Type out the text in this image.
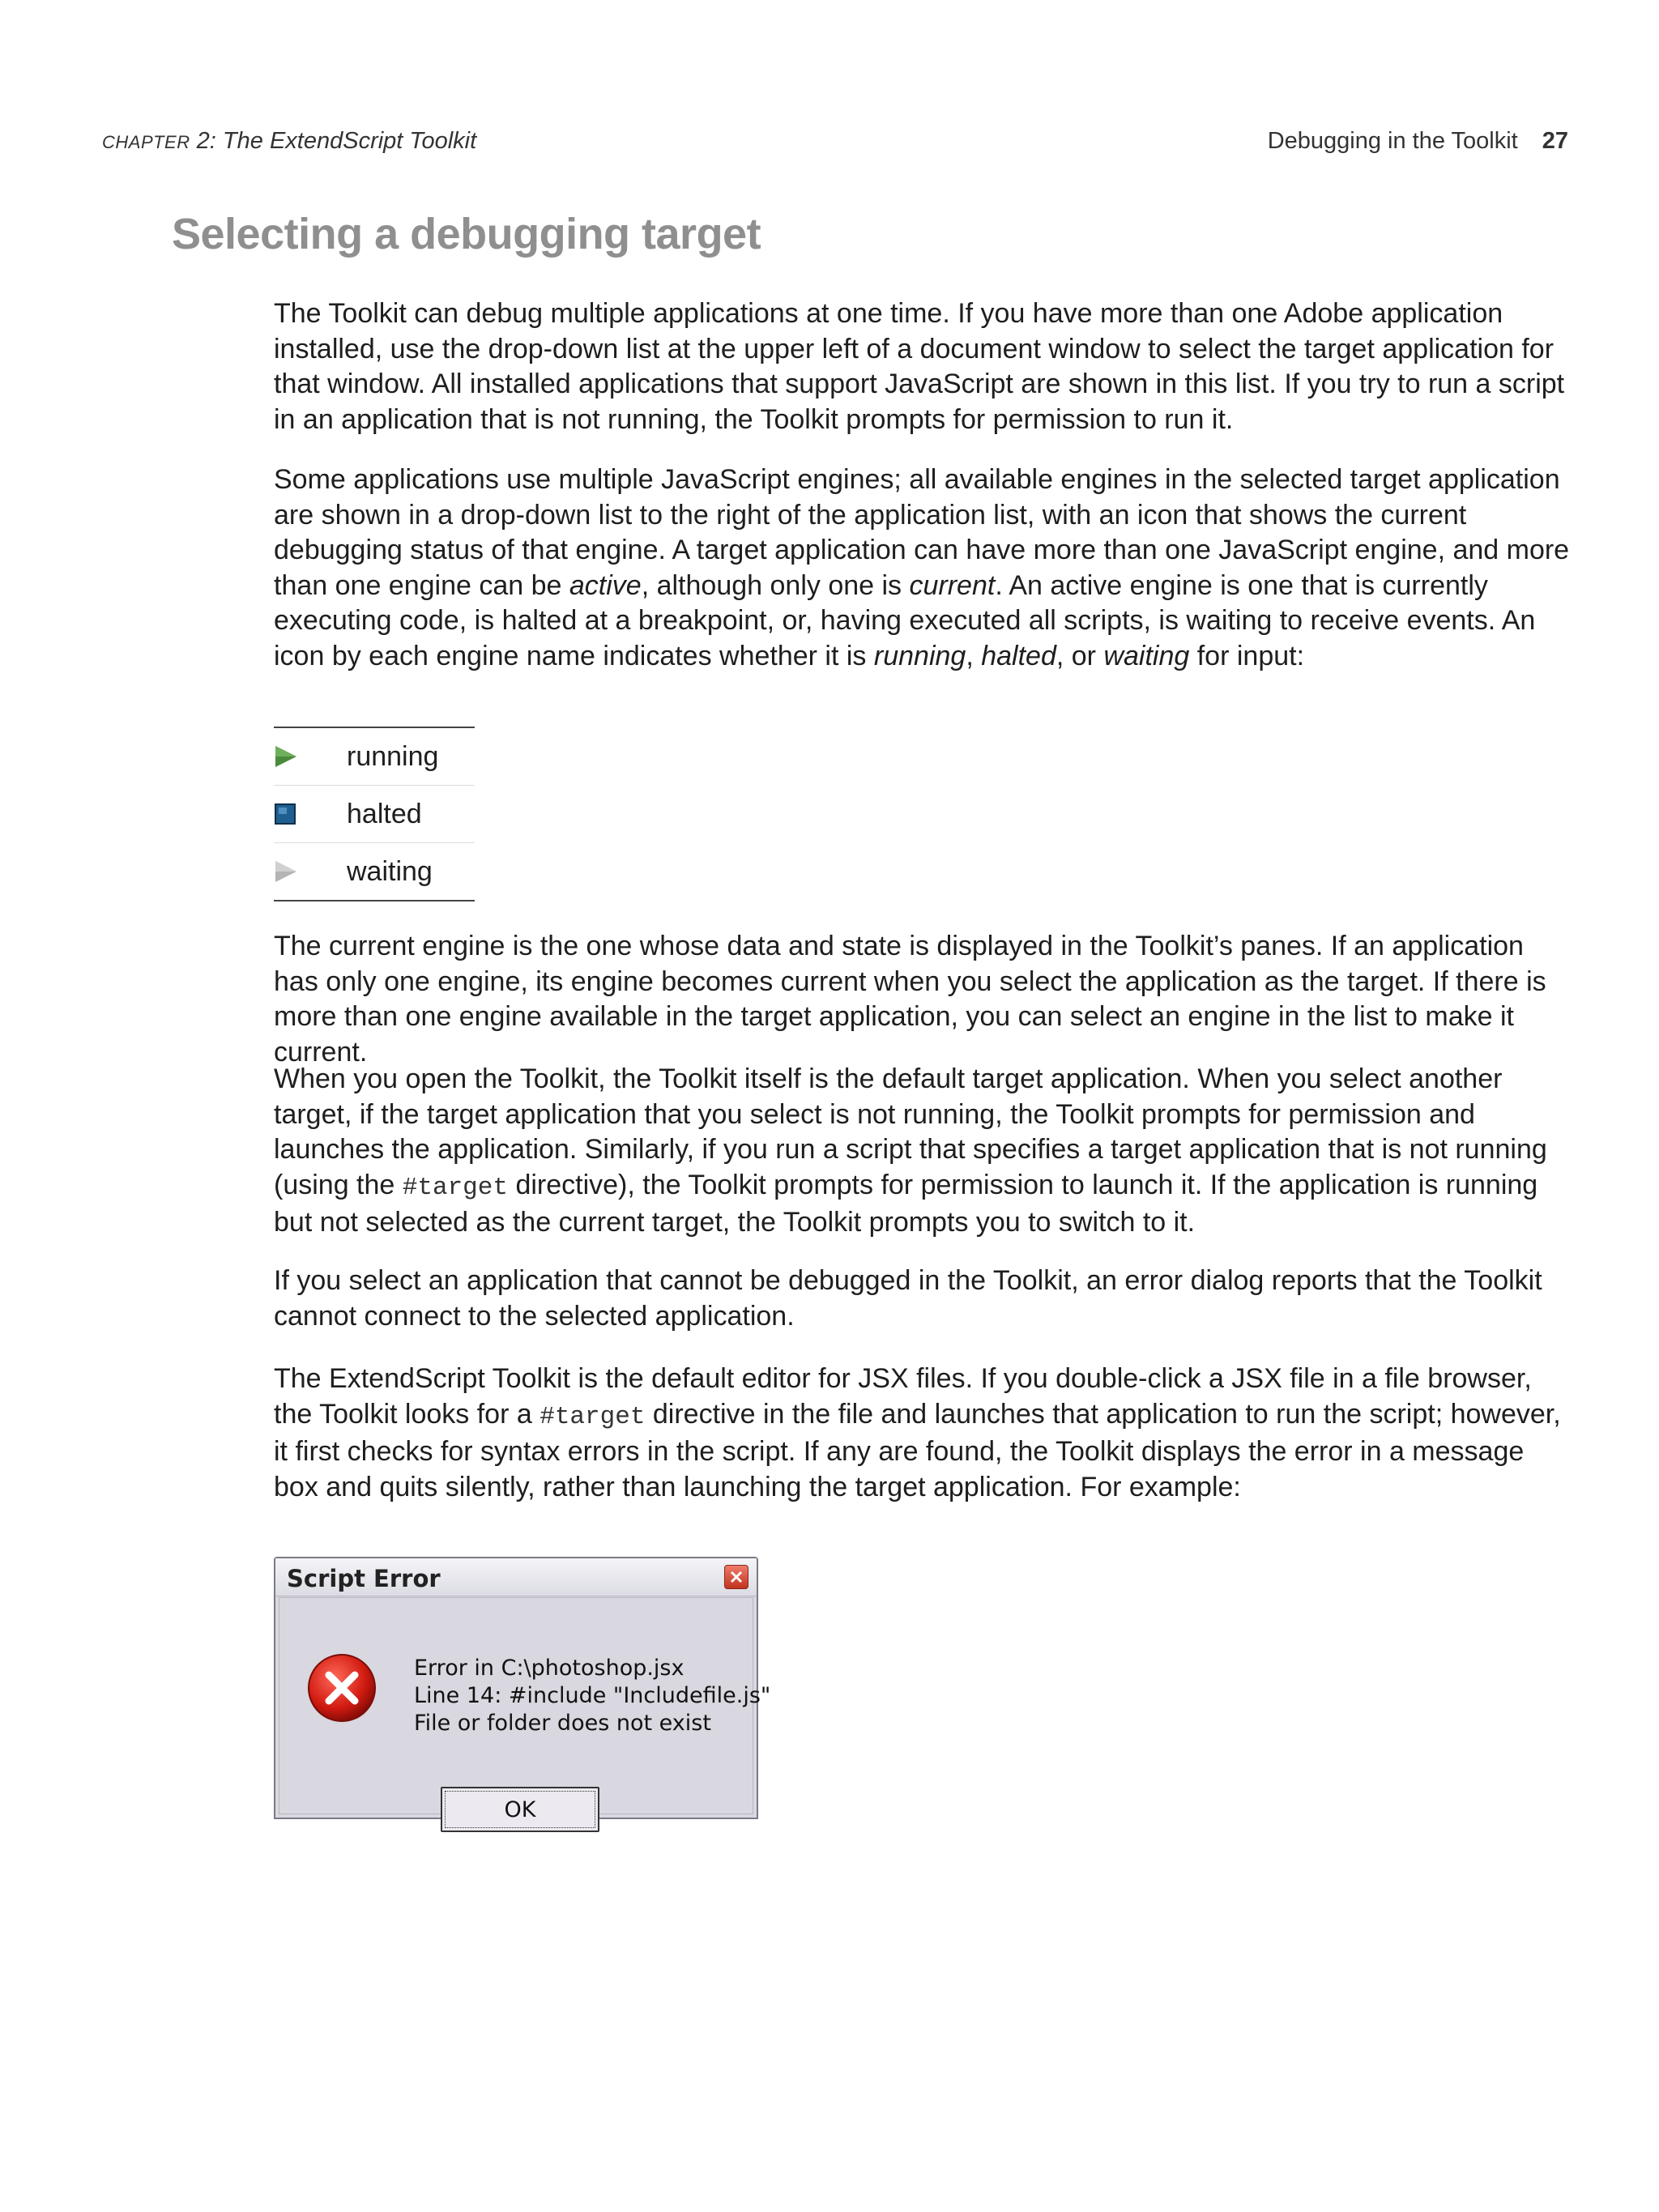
CHAPTER 2: The ExtendScript Toolkit	Debugging in the Toolkit 27
Selecting a debugging target

The Toolkit can debug multiple applications at one time. If you have more than one Adobe application installed, use the drop-down list at the upper left of a document window to select the target application for that window. All installed applications that support JavaScript are shown in this list. If you try to run a script in an application that is not running, the Toolkit prompts for permission to run it.

Some applications use multiple JavaScript engines; all available engines in the selected target application are shown in a drop-down list to the right of the application list, with an icon that shows the current debugging status of that engine. A target application can have more than one JavaScript engine, and more than one engine can be active, although only one is current. An active engine is one that is currently executing code, is halted at a breakpoint, or, having executed all scripts, is waiting to receive events. An icon by each engine name indicates whether it is running, halted, or waiting for input:

running
halted
waiting

The current engine is the one whose data and state is displayed in the Toolkit’s panes. If an application has only one engine, its engine becomes current when you select the application as the target. If there is more than one engine available in the target application, you can select an engine in the list to make it current.

When you open the Toolkit, the Toolkit itself is the default target application. When you select another target, if the target application that you select is not running, the Toolkit prompts for permission and launches the application. Similarly, if you run a script that specifies a target application that is not running (using the #target directive), the Toolkit prompts for permission to launch it. If the application is running but not selected as the current target, the Toolkit prompts you to switch to it.

If you select an application that cannot be debugged in the Toolkit, an error dialog reports that the Toolkit cannot connect to the selected application.

The ExtendScript Toolkit is the default editor for JSX files. If you double-click a JSX file in a file browser, the Toolkit looks for a #target directive in the file and launches that application to run the script; however, it first checks for syntax errors in the script. If any are found, the Toolkit displays the error in a message box and quits silently, rather than launching the target application. For example:

Script Error
Error in C:\photoshop.jsx
Line 14: #include "Includefile.js"
File or folder does not exist
OK
